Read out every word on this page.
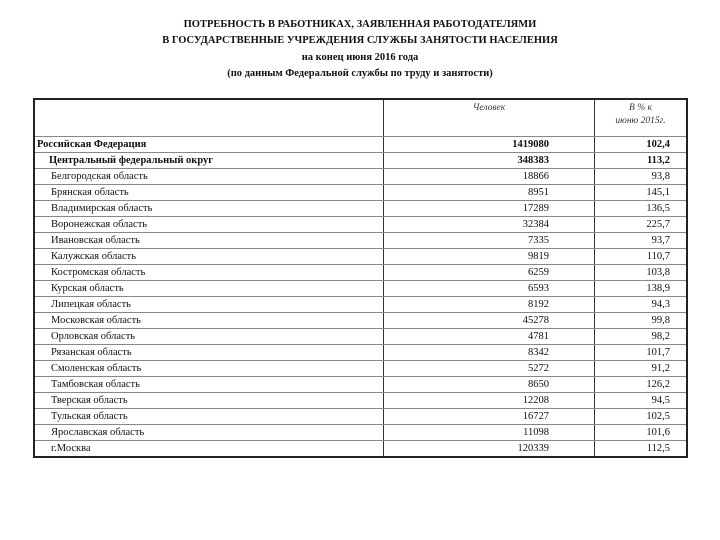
ПОТРЕБНОСТЬ В РАБОТНИКАХ, ЗАЯВЛЕННАЯ РАБОТОДАТЕЛЯМИ
В ГОСУДАРСТВЕННЫЕ УЧРЕЖДЕНИЯ СЛУЖБЫ ЗАНЯТОСТИ НАСЕЛЕНИЯ
на конец июня 2016 года
(по данным Федеральной службы по труду и занятости)
	Человек	В % к
июню 2015г.

Российская Федерация	1419080	102,4
Центральный федеральный округ	348383	113,2
Белгородская область	18866	93,8
Брянская область	8951	145,1
Владимирская область	17289	136,5
Воронежская область	32384	225,7
Ивановская область	7335	93,7
Калужская область	9819	110,7
Костромская область	6259	103,8
Курская область	6593	138,9
Липецкая область	8192	94,3
Московская область	45278	99,8
Орловская область	4781	98,2
Рязанская область	8342	101,7
Смоленская область	5272	91,2
Тамбовская область	8650	126,2
Тверская область	12208	94,5
Тульская область	16727	102,5
Ярославская область	11098	101,6
г.Москва	120339	112,5
